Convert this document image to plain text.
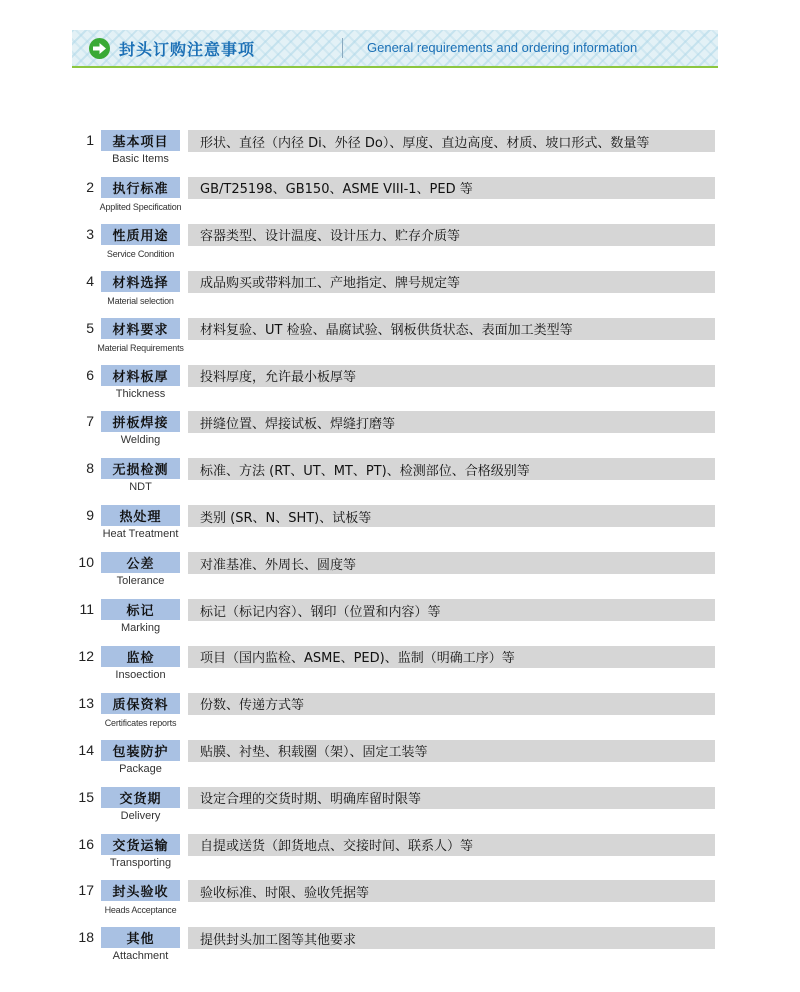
封头订购注意事项	General requirements and ordering information
1	基本项目
Basic Items
形状、直径（内径 Di、外径 Do）、厚度、直边高度、材质、坡口形式、数量等
2	执行标准
Applited Specification
GB/T25198、GB150、ASME VIII-1、PED 等
3	性质用途
Service Condition
容器类型、设计温度、设计压力、贮存介质等
4	材料选择
Material selection
成品购买或带料加工、产地指定、牌号规定等
5	材料要求
Material Requirements
材料复验、UT 检验、晶腐试验、钢板供货状态、表面加工类型等
6	材料板厚
Thickness
投料厚度，允许最小板厚等
7	拼板焊接
Welding
拼缝位置、焊接试板、焊缝打磨等
8	无损检测
NDT
标准、方法 (RT、UT、MT、PT)、检测部位、合格级别等
9	热处理
Heat Treatment
类别 (SR、N、SHT)、试板等
10	公差
Tolerance
对准基准、外周长、圆度等
11	标记
Marking
标记（标记内容）、钢印（位置和内容）等
12	监检
Insoection
项目（国内监检、ASME、PED)、监制（明确工序）等
13	质保资料
Certificates reports
份数、传递方式等
14	包装防护
Package
贴膜、衬垫、积载圈（架）、固定工装等
15	交货期
Delivery
设定合理的交货时期、明确库留时限等
16	交货运输
Transporting
自提或送货（卸货地点、交接时间、联系人）等
17	封头验收
Heads Acceptance
验收标准、时限、验收凭据等
18	其他
Attachment
提供封头加工图等其他要求
